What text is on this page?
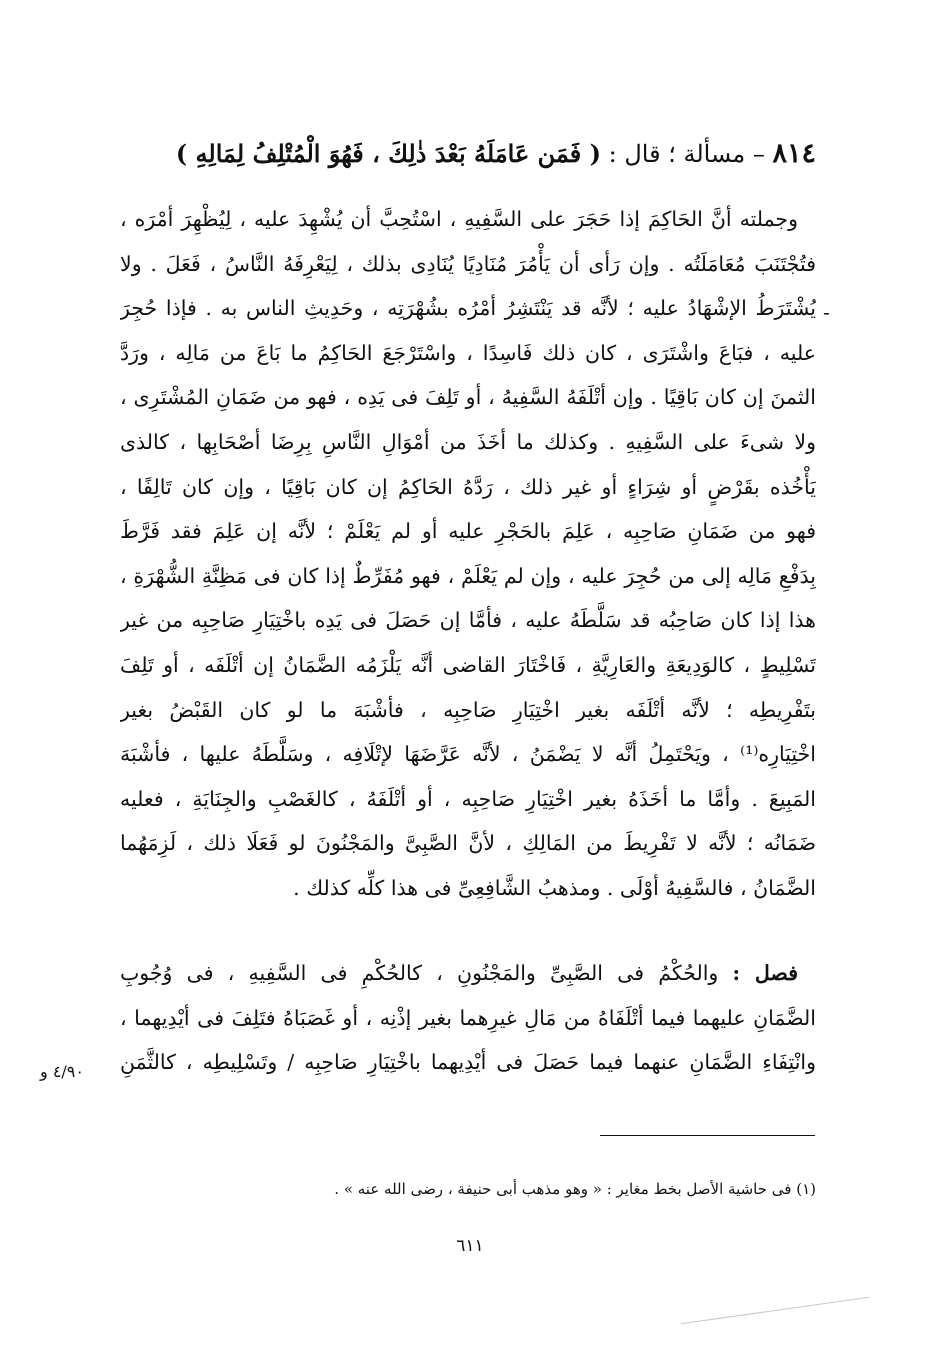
٨١٤ – مسألة ؛ قال : ( فَمَن عَامَلَهُ بَعْدَ ذٰلِكَ ، فَهُوَ الْمُتْلِفُ لِمَالِهِ )
وجملته أنَّ الحَاكِمَ إذا حَجَرَ على السَّفِيهِ ، اسْتُحِبَّ أن يُشْهِدَ عليه ، لِيُظْهِرَ أمْرَه ،
فتُجْتَنَبَ مُعَامَلَتُه . وإن رَأى أن يَأْمُرَ مُنَادِيًا يُنَادِى بذلك ، لِيَعْرِفَهُ النَّاسُ ، فَعَلَ . ولا
يُشْتَرَطُ الإشْهَادُ عليه ؛ لأنَّه قد يَنْتَشِرُ أمْرُه بشُهْرَتِه ، وحَدِيثِ الناس به . فإذا حُجِرَ
عليه ، فبَاعَ واشْتَرَى ، كان ذلك فَاسِدًا ، واسْتَرْجَعَ الحَاكِمُ ما بَاعَ من مَالِه ، ورَدَّ
الثمنَ إن كان بَاقِيًا . وإن أتْلَفَهُ السَّفِيهُ ، أو تَلِفَ فى يَدِه ، فهو من ضَمَانِ المُشْتَرِى ،
ولا شىءَ على السَّفِيهِ . وكذلك ما أخَذَ من أمْوَالِ النَّاسِ بِرِضَا أصْحَابِها ، كالذى
يَأْخُذه بقَرْضٍ أو شِرَاءٍ أو غير ذلك ، رَدَّهُ الحَاكِمُ إن كان بَاقِيًا ، وإن كان تَالِفًا ،
فهو من ضَمَانِ صَاحِبِه ، عَلِمَ بالحَجْرِ عليه أو لم يَعْلَمْ ؛ لأنَّه إن عَلِمَ فقد فَرَّطَ
بِدَفْعِ مَالِه إلى من حُجِرَ عليه ، وإن لم يَعْلَمْ ، فهو مُفَرِّطٌ إذا كان فى مَظِنَّةِ الشُّهْرَةِ ،
هذا إذا كان صَاحِبُه قد سَلَّطَهُ عليه ، فأمَّا إن حَصَلَ فى يَدِه باخْتِيَارِ صَاحِبِه من غير
تَسْلِيطٍ ، كالوَدِيعَةِ والعَارِيَّةِ ، فَاخْتَارَ القاضى أنَّه يَلْزَمُه الضَّمَانُ إن أتْلَفَه ، أو تَلِفَ
بتَفْرِيطِه ؛ لأنَّه أتْلَفَه بغير اخْتِيَارِ صَاحِبِه ، فأشْبَهَ ما لو كان القَبْضُ بغير
اخْتِيَارِه⁽¹⁾ ، ويَحْتَمِلُ أنَّه لا يَضْمَنُ ، لأنَّه عَرَّضَهَا لإتْلَافِه ، وسَلَّطَهُ عليها ، فأشْبَهَ
المَبِيعَ . وأمَّا ما أخَذَهُ بغير اخْتِيَارِ صَاحِبِه ، أو أتْلَفَهُ ، كالغَصْبِ والجِنَايَةِ ، فعليه
ضَمَانُه ؛ لأنَّه لا تَفْرِيطَ من المَالِكِ ، لأنَّ الصَّبِىَّ والمَجْنُونَ لو فَعَلَا ذلك ، لَزِمَهُما
الضَّمَانُ ، فالسَّفِيهُ أوْلَى . ومذهبُ الشَّافِعِىِّ فى هذا كلِّه كذلك .
فصل : والحُكْمُ فى الصَّبِىِّ والمَجْنُونِ ، كالحُكْمِ فى السَّفِيهِ ، فى وُجُوبِ
الضَّمَانِ عليهما فيما أتْلَفَاهُ من مَالِ غيرِهما بغير إذْنِه ، أو غَصَبَاهُ فتَلِفَ فى أيْدِيهما ،
وانْتِفَاءِ الضَّمَانِ عنهما فيما حَصَلَ فى أيْدِيهما باخْتِيَارِ صَاحِبِه / وتَسْلِيطِه ، كالثَّمَنِ
٤/٩٠ و
-
(١) فى حاشية الأصل بخط مغاير : « وهو مذهب أبى حنيفة ، رضى الله عنه » .
٦١١
